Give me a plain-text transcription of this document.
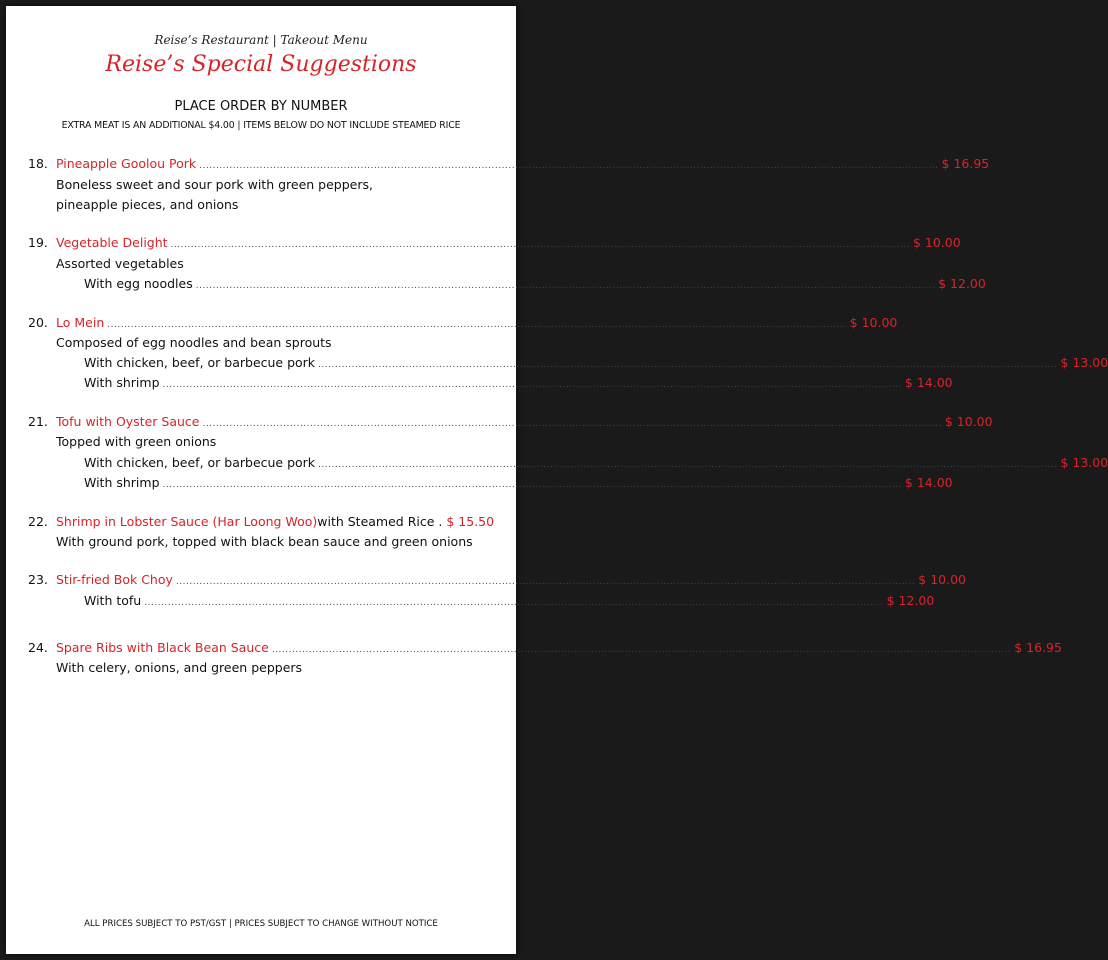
Reise’s Restaurant | Takeout Menu
Reise’s Special Suggestions
PLACE ORDER BY NUMBER
EXTRA MEAT IS AN ADDITIONAL $4.00 | ITEMS BELOW DO NOT INCLUDE STEAMED RICE
18. Pineapple Goolou Pork ............................................................................................................................................................................................................................ $ 16.95
Boneless sweet and sour pork with green peppers,
pineapple pieces, and onions
19. Vegetable Delight ............................................................................................................................................................................................................................ $ 10.00
Assorted vegetables
With egg noodles ............................................................................................................................................................................................................................ $ 12.00
20. Lo Mein ............................................................................................................................................................................................................................ $ 10.00
Composed of egg noodles and bean sprouts
With chicken, beef, or barbecue pork ............................................................................................................................................................................................................................ $ 13.00
With shrimp ............................................................................................................................................................................................................................ $ 14.00
21. Tofu with Oyster Sauce ............................................................................................................................................................................................................................ $ 10.00
Topped with green onions
With chicken, beef, or barbecue pork ............................................................................................................................................................................................................................ $ 13.00
With shrimp ............................................................................................................................................................................................................................ $ 14.00
22. Shrimp in Lobster Sauce (Har Loong Woo) with Steamed Rice . $ 15.50
With ground pork, topped with black bean sauce and green onions
23. Stir-fried Bok Choy ............................................................................................................................................................................................................................ $ 10.00
With tofu ............................................................................................................................................................................................................................ $ 12.00
24. Spare Ribs with Black Bean Sauce ............................................................................................................................................................................................................................ $ 16.95
With celery, onions, and green peppers
ALL PRICES SUBJECT TO PST/GST | PRICES SUBJECT TO CHANGE WITHOUT NOTICE
